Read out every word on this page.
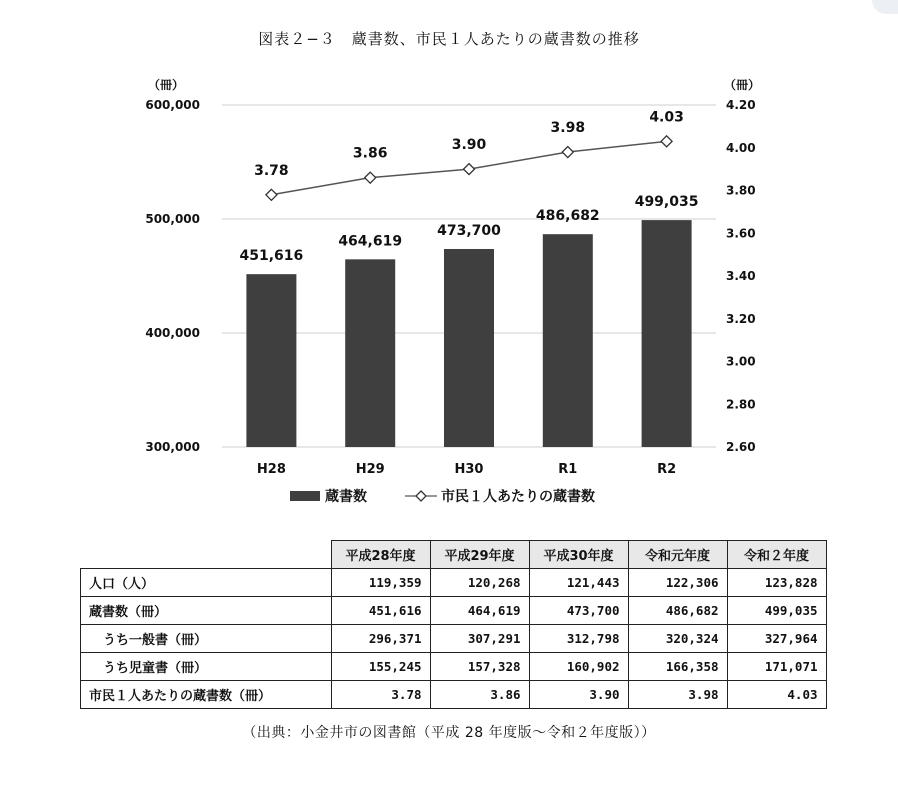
図表２−３　蔵書数、市民１人あたりの蔵書数の推移
451,616
464,619
473,700
486,682
499,035
3.78
3.86
3.90
3.98
4.03
（冊）
300,000
400,000
500,000
600,000
（冊）
2.60
2.80
3.00
3.20
3.40
3.60
3.80
4.00
4.20
H28	H29	H30	R1	R2
蔵書数	市民１人あたりの蔵書数
	平成28年度	平成29年度	平成30年度	令和元年度	令和２年度
人口（人）	119,359	120,268	121,443	122,306	123,828
蔵書数（冊）	451,616	464,619	473,700	486,682	499,035
うち一般書（冊）	296,371	307,291	312,798	320,324	327,964
うち児童書（冊）	155,245	157,328	160,902	166,358	171,071
市民１人あたりの蔵書数（冊）	3.78	3.86	3.90	3.98	4.03
（出典：小金井市の図書館（平成 28 年度版〜令和２年度版））
